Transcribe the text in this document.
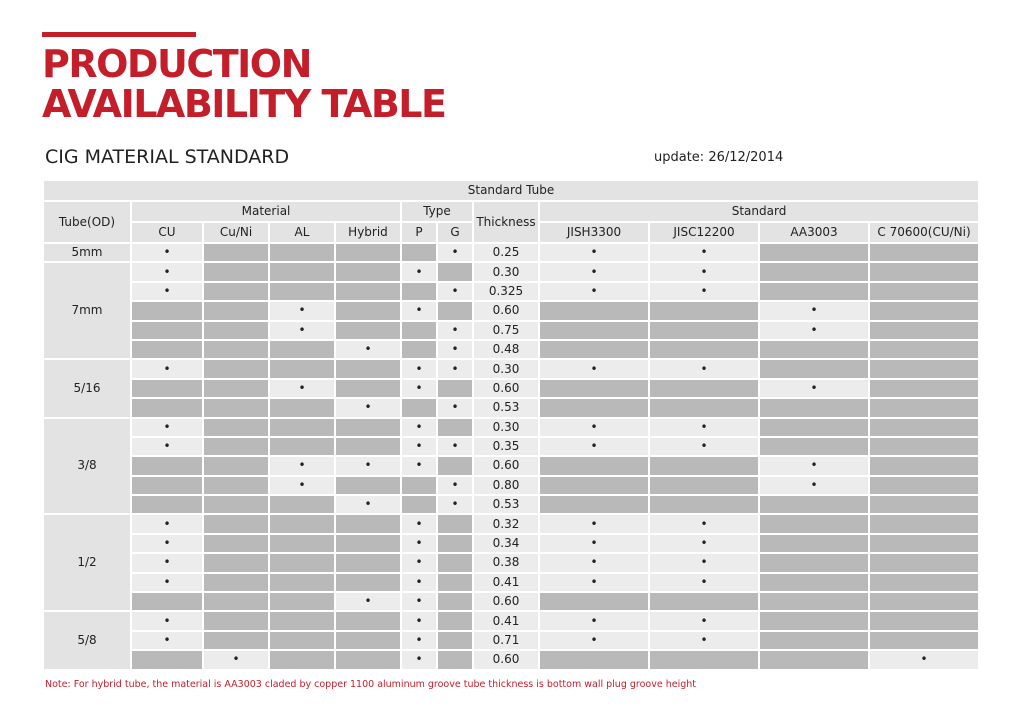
PRODUCTION
AVAILABILITY TABLE
CIG MATERIAL STANDARD	update: 26/12/2014
Standard Tube											
Tube(OD)	Material				Type		Thickness	Standard			
	CU	Cu/Ni	AL	Hybrid	P	G		JISH3300	JISC12200	AA3003	C 70600(CU/Ni)
5mm	•					•	0.25	•	•		
7mm	•				•		0.30	•	•		
	•					•	0.325	•	•		
			•		•		0.60			•	
			•			•	0.75			•	
				•		•	0.48				
5/16	•				•	•	0.30	•	•		
			•		•		0.60			•	
				•		•	0.53				
3/8	•				•		0.30	•	•		
	•				•	•	0.35	•	•		
			•	•	•		0.60			•	
			•			•	0.80			•	
				•		•	0.53				
1/2	•				•		0.32	•	•		
	•				•		0.34	•	•		
	•				•		0.38	•	•		
	•				•		0.41	•	•		
				•	•		0.60				
5/8	•				•		0.41	•	•		
	•				•		0.71	•	•		
		•			•		0.60				•
Note: For hybrid tube, the material is AA3003 claded by copper 1100 aluminum groove tube thickness is bottom wall plug groove height
